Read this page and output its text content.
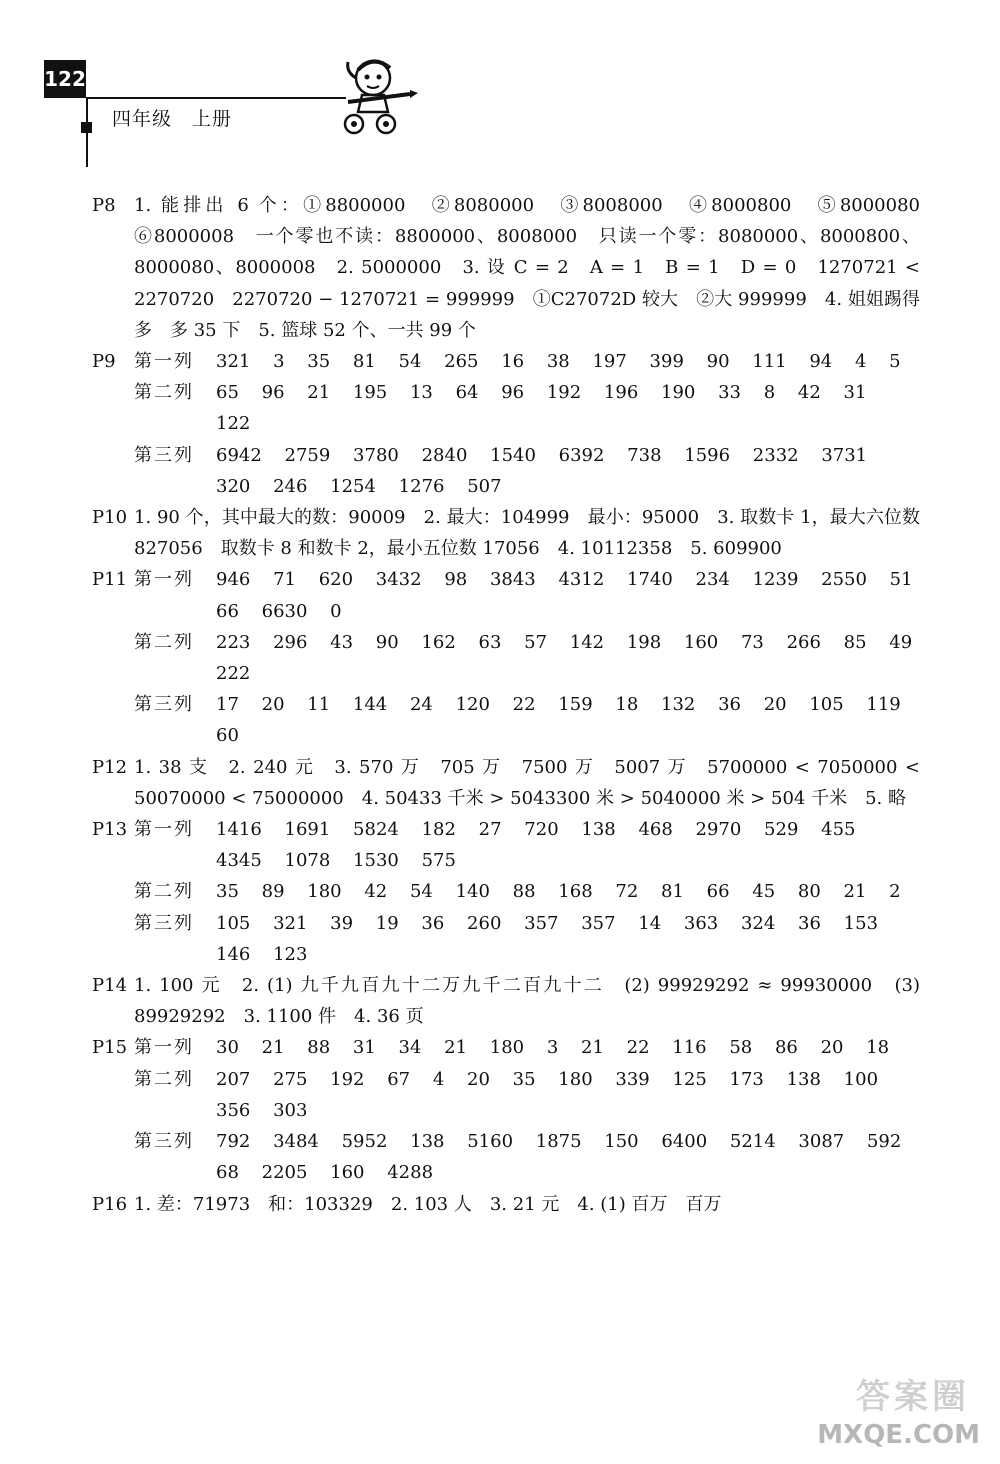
122
四年级　上册
P8	1. 能排出 6 个：①8800000　②8080000　③8008000　④8000800　⑤8000080　⑥8000008　一个零也不读：8800000、8008000　只读一个零：8080000、8000800、8000080、8000008　2. 5000000　3. 设 C = 2　A = 1　B = 1　D = 0　1270721 < 2270720　2270720 − 1270721 = 999999　①C27072D 较大　②大 999999　4. 姐姐踢得多　多 35 下　5. 篮球 52 个、一共 99 个

P9	第一列	321 3 35 81 54 265 16 38 197 399 90 111 94 4 5
第二列	65 96 21 195 13 64 96 192 196 190 33 8 42 31 122
第三列	6942 2759 3780 2840 1540 6392 738 1596 2332 3731 320 246 1254 1276 507
P10 1. 90 个，其中最大的数：90009　2. 最大：104999　最小：95000　3. 取数卡 1，最大六位数 827056　取数卡 8 和数卡 2，最小五位数 17056　4. 10112358　5. 609900

P11 第一列	946 71 620 3432 98 3843 4312 1740 234 1239 2550 51 66 6630 0
第二列	223 296 43 90 162 63 57 142 198 160 73 266 85 49 222
第三列	17 20 11 144 24 120 22 159 18 132 36 20 105 119 60
P12 1. 38 支　2. 240 元　3. 570 万　705 万　7500 万　5007 万　5700000 < 7050000 < 50070000 < 75000000　4. 50433 千米 > 5043300 米 > 5040000 米 > 504 千米　5. 略

P13 第一列	1416 1691 5824 182 27 720 138 468 2970 529 455 4345 1078 1530 575
第二列	35 89 180 42 54 140 88 168 72 81 66 45 80 21 2
第三列	105 321 39 19 36 260 357 357 14 363 324 36 153 146 123
P14 1. 100 元　2. (1) 九千九百九十二万九千二百九十二　(2) 99929292 ≈ 99930000　(3) 89929292　3. 1100 件　4. 36 页

P15 第一列	30 21 88 31 34 21 180 3 21 22 116 58 86 20 18
第二列	207 275 192 67 4 20 35 180 339 125 173 138 100 356 303
第三列	792 3484 5952 138 5160 1875 150 6400 5214 3087 592 68 2205 160 4288
P16 1. 差：71973　和：103329　2. 103 人　3. 21 元　4. (1) 百万　百万

答案圈
MXQE.COM
